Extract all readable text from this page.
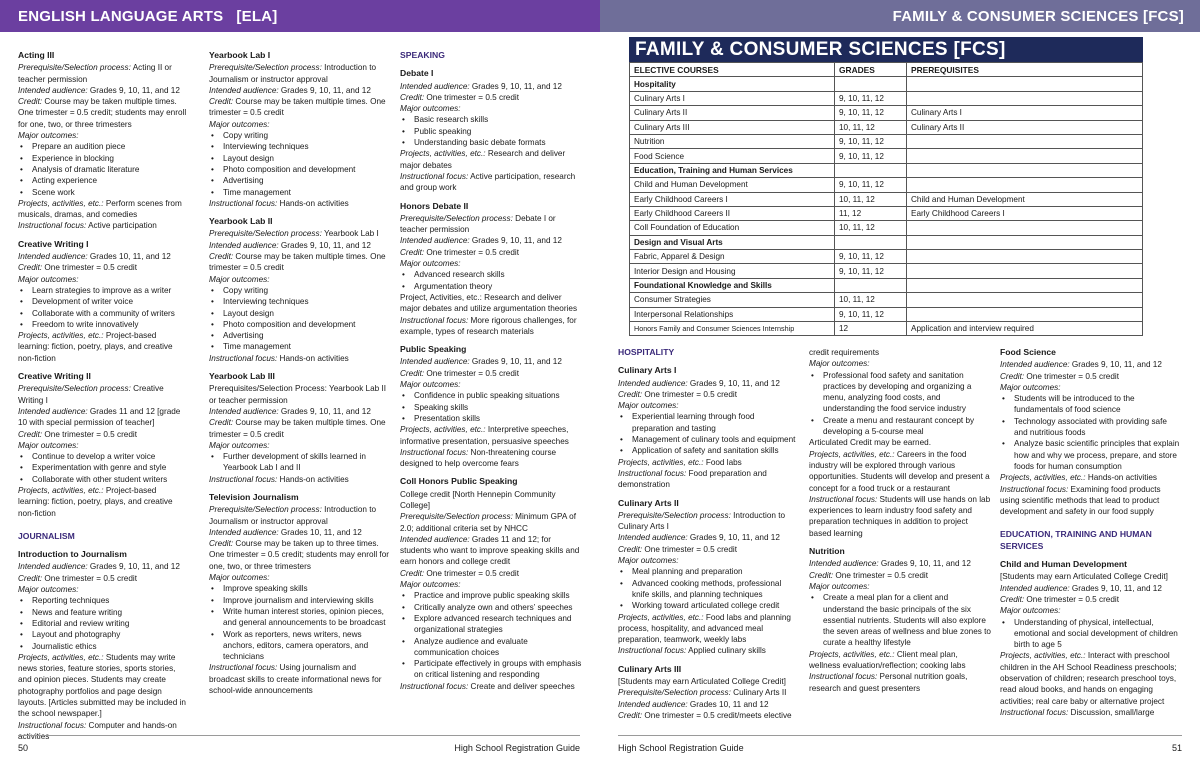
ENGLISH LANGUAGE ARTS   [ELA]	FAMILY & CONSUMER SCIENCES [FCS]
Acting III

Prerequisite/Selection process: Acting II or teacher permission

Intended audience: Grades 9, 10, 11, and 12

Credit: Course may be taken multiple times. One trimester = 0.5 credit; students may enroll for one, two, or three trimesters

Major outcomes:

• Prepare an audition piece
• Experience in blocking
• Analysis of dramatic literature
• Acting experience
• Scene work

Projects, activities, etc.: Perform scenes from musicals, dramas, and comedies

Instructional focus: Active participation

Creative Writing I

Intended audience: Grades 10, 11, and 12

Credit: One trimester = 0.5 credit

Major outcomes:

• Learn strategies to improve as a writer
• Development of writer voice
• Collaborate with a community of writers
• Freedom to write innovatively

Projects, activities, etc.: Project-based learning: fiction, poetry, plays, and creative non-fiction

Creative Writing II

Prerequisite/Selection process: Creative Writing I

Intended audience: Grades 11 and 12 [grade 10 with special permission of teacher]

Credit: One trimester = 0.5 credit

Major outcomes:

• Continue to develop a writer voice
• Experimentation with genre and style
• Collaborate with other student writers

Projects, activities, etc.: Project-based learning: fiction, poetry, plays, and creative non-fiction

JOURNALISM
Introduction to Journalism

Intended audience: Grades 9, 10, 11, and 12

Credit: One trimester = 0.5 credit

Major outcomes:

• Reporting techniques
• News and feature writing
• Editorial and review writing
• Layout and photography
• Journalistic ethics

Projects, activities, etc.: Students may write news stories, feature stories, sports stories, and opinion pieces. Students may create photography portfolios and page design layouts. [Articles submitted may be included in the school newspaper.]

Instructional focus: Computer and hands-on activities

Yearbook Lab I

Prerequisite/Selection process: Introduction to Journalism or instructor approval

Intended audience: Grades 9, 10, 11, and 12

Credit: Course may be taken multiple times. One trimester = 0.5 credit

Major outcomes:

• Copy writing
• Interviewing techniques
• Layout design
• Photo composition and development
• Advertising
• Time management

Instructional focus: Hands-on activities

Yearbook Lab II

Prerequisite/Selection process: Yearbook Lab I

Intended audience: Grades 9, 10, 11, and 12

Credit: Course may be taken multiple times. One trimester = 0.5 credit

Major outcomes:

• Copy writing
• Interviewing techniques
• Layout design
• Photo composition and development
• Advertising
• Time management

Instructional focus: Hands-on activities

Yearbook Lab III

Prerequisites/Selection Process: Yearbook Lab II or teacher permission

Intended audience: Grades 9, 10, 11, and 12

Credit: Course may be taken multiple times. One trimester = 0.5 credit

Major outcomes:

• Further development of skills learned in Yearbook Lab I and II

Instructional focus: Hands-on activities

Television Journalism

Prerequisite/Selection process: Introduction to Journalism or instructor approval

Intended audience: Grades 10, 11, and 12

Credit: Course may be taken up to three times. One trimester = 0.5 credit; students may enroll for one, two, or three trimesters

Major outcomes:

• Improve speaking skills
• Improve journalism and interviewing skills
• Write human interest stories, opinion pieces, and general announcements to be broadcast
• Work as reporters, news writers, news anchors, editors, camera operators, and technicians

Instructional focus: Using journalism and broadcast skills to create informational news for school-wide announcements

SPEAKING
Debate I

Intended audience: Grades 9, 10, 11, and 12

Credit: One trimester = 0.5 credit

Major outcomes:

• Basic research skills
• Public speaking
• Understanding basic debate formats

Projects, activities, etc.: Research and deliver major debates

Instructional focus: Active participation, research and group work

Honors Debate II

Prerequisite/Selection process: Debate I or teacher permission

Intended audience: Grades 9, 10, 11, and 12

Credit: One trimester = 0.5 credit

Major outcomes:

• Advanced research skills
• Argumentation theory

Project, Activities, etc.: Research and deliver major debates and utilize argumentation theories

Instructional focus: More rigorous challenges, for example, types of research materials

Public Speaking

Intended audience: Grades 9, 10, 11, and 12

Credit: One trimester = 0.5 credit

Major outcomes:

• Confidence in public speaking situations
• Speaking skills
• Presentation skills

Projects, activities, etc.: Interpretive speeches, informative presentation, persuasive speeches

Instructional focus: Non-threatening course designed to help overcome fears

Coll Honors Public Speaking

College credit [North Hennepin Community College]

Prerequisite/Selection process: Minimum GPA of 2.0; additional criteria set by NHCC

Intended audience: Grades 11 and 12; for students who want to improve speaking skills and earn honors and college credit

Credit: One trimester = 0.5 credit

Major outcomes:

• Practice and improve public speaking skills
• Critically analyze own and others’ speeches
• Explore advanced research techniques and organizational strategies
• Analyze audience and evaluate communication choices
• Participate effectively in groups with emphasis on critical listening and responding

Instructional focus: Create and deliver speeches

FAMILY & CONSUMER SCIENCES [FCS]
ELECTIVE COURSES	GRADES	PREREQUISITES
Hospitality		
Culinary Arts I	9, 10, 11, 12	
Culinary Arts II	9, 10, 11, 12	Culinary Arts I
Culinary Arts III	10, 11, 12	Culinary Arts II
Nutrition	9, 10, 11, 12	
Food Science	9, 10, 11, 12	
Education, Training and Human Services		
Child and Human Development	9, 10, 11, 12	
Early Childhood Careers I	10, 11, 12	Child and Human Development
Early Childhood Careers II	11, 12	Early Childhood Careers I
Coll Foundation of Education	10, 11, 12	
Design and Visual Arts		
Fabric, Apparel & Design	9, 10, 11, 12	
Interior Design and Housing	9, 10, 11, 12	
Foundational Knowledge and Skills		
Consumer Strategies	10, 11, 12	
Interpersonal Relationships	9, 10, 11, 12	
Honors Family and Consumer Sciences Internship	12	Application and interview required
HOSPITALITY
Culinary Arts I

Intended audience: Grades 9, 10, 11, and 12

Credit: One trimester = 0.5 credit

Major outcomes:

• Experiential learning through food preparation and tasting
• Management of culinary tools and equipment
• Application of safety and sanitation skills

Projects, activities, etc.: Food labs

Instructional focus: Food preparation and demonstration

Culinary Arts II

Prerequisite/Selection process: Introduction to Culinary Arts I

Intended audience: Grades 9, 10, 11, and 12

Credit: One trimester = 0.5 credit

Major outcomes:

• Meal planning and preparation
• Advanced cooking methods, professional knife skills, and planning techniques
• Working toward articulated college credit

Projects, activities, etc.: Food labs and planning process, hospitality, and advanced meal preparation, teamwork, weekly labs

Instructional focus: Applied culinary skills

Culinary Arts III

[Students may earn Articulated College Credit]

Prerequisite/Selection process: Culinary Arts II

Intended audience: Grades 10, 11 and 12

Credit: One trimester = 0.5 credit/meets elective

credit requirements

Major outcomes:

• Professional food safety and sanitation practices by developing and organizing a menu, analyzing food costs, and understanding the food service industry
• Create a menu and restaurant concept by developing a 5-course meal

Articulated Credit may be earned.

Projects, activities, etc.: Careers in the food industry will be explored through various opportunities. Students will develop and present a concept for a food truck or a restaurant

Instructional focus: Students will use hands on lab experiences to learn industry food safety and preparation techniques in addition to project based learning

Nutrition

Intended audience: Grades 9, 10, 11, and 12

Credit: One trimester = 0.5 credit

Major outcomes:

• Create a meal plan for a client and understand the basic principals of the six essential nutrients. Students will also explore the seven areas of wellness and blue zones to curate a healthy lifestyle

Projects, activities, etc.: Client meal plan, wellness evaluation/reflection; cooking labs

Instructional focus: Personal nutrition goals, research and guest presenters

Food Science

Intended audience: Grades 9, 10, 11, and 12

Credit: One trimester = 0.5 credit

Major outcomes:

• Students will be introduced to the fundamentals of food science
• Technology associated with providing safe and nutritious foods
• Analyze basic scientific principles that explain how and why we process, prepare, and store foods for human consumption

Projects, activities, etc.: Hands-on activities

Instructional focus: Examining food products using scientific methods that lead to product development and safety in our food supply

EDUCATION, TRAINING AND HUMAN SERVICES
Child and Human Development

[Students may earn Articulated College Credit]

Intended audience: Grades 9, 10, 11, and 12

Credit: One trimester = 0.5 credit

Major outcomes:

• Understanding of physical, intellectual, emotional and social development of children birth to age 5

Projects, activities, etc.: Interact with preschool children in the AH School Readiness preschools; observation of children; research preschool toys, read aloud books, and hands on engaging activities; real care baby or alternative project

Instructional focus: Discussion, small/large

50	High School Registration Guide	High School Registration Guide	51
